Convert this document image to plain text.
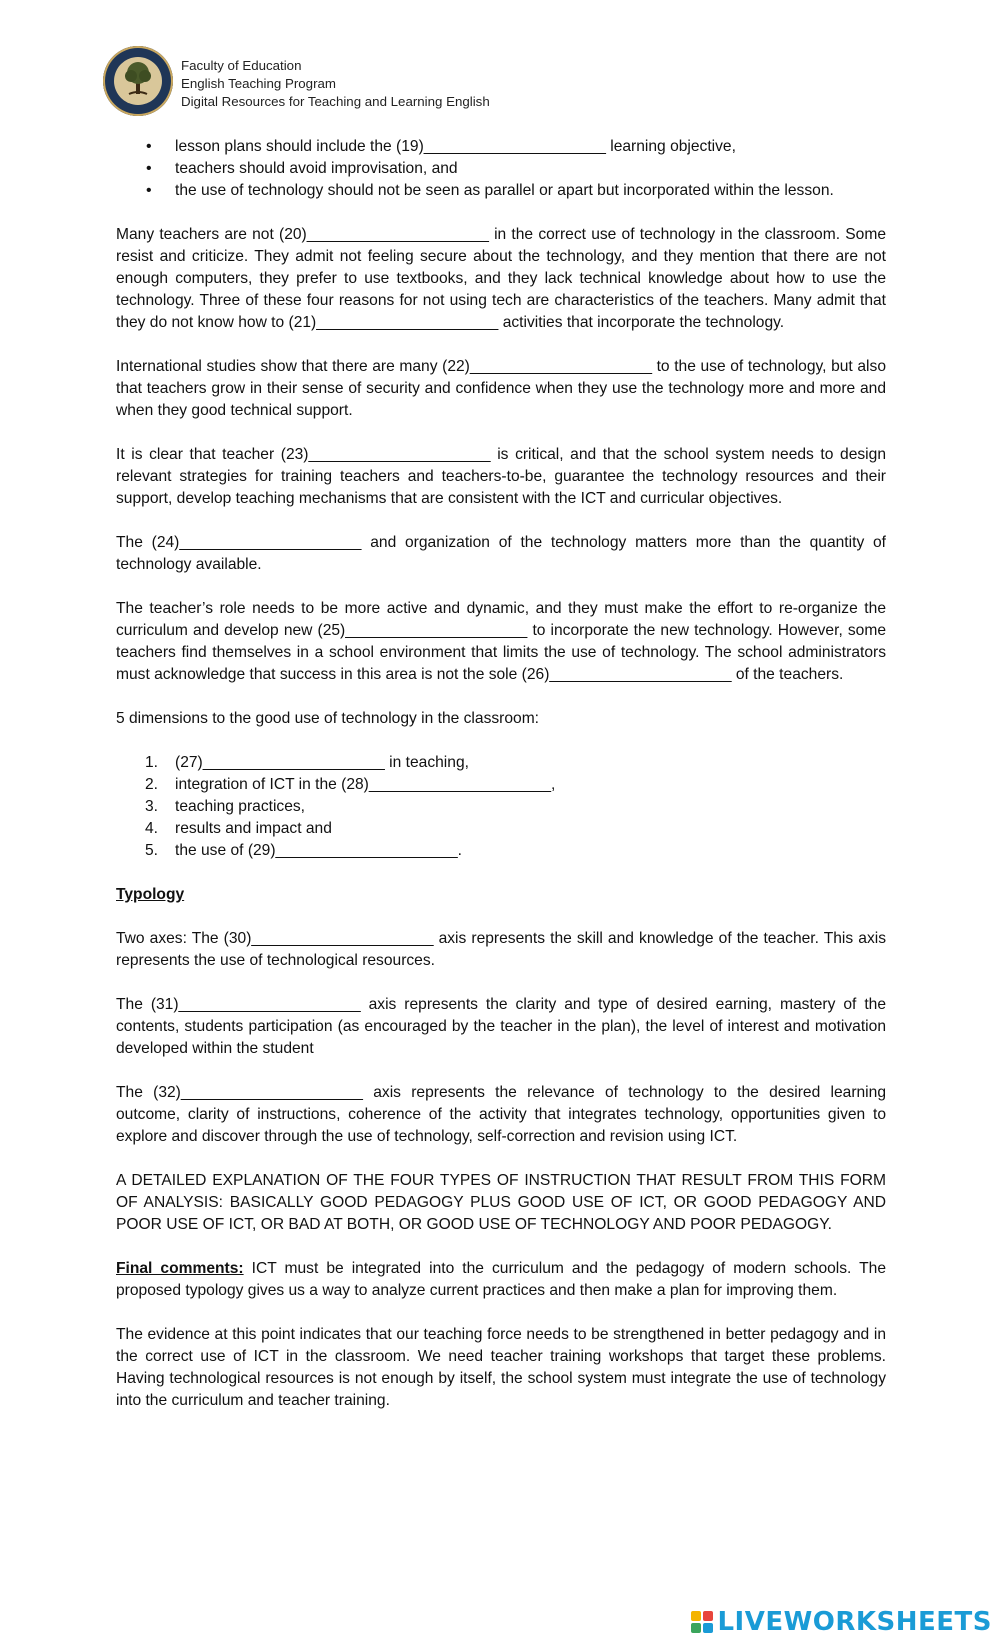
Faculty of Education
English Teaching Program
Digital Resources for Teaching and Learning English
• lesson plans should include the (19)_____________________ learning objective,
• teachers should avoid improvisation, and
• the use of technology should not be seen as parallel or apart but incorporated within the lesson.

Many teachers are not (20)_____________________ in the correct use of technology in the classroom. Some resist and criticize. They admit not feeling secure about the technology, and they mention that there are not enough computers, they prefer to use textbooks, and they lack technical knowledge about how to use the technology. Three of these four reasons for not using tech are characteristics of the teachers. Many admit that they do not know how to (21)_____________________ activities that incorporate the technology.

International studies show that there are many (22)_____________________ to the use of technology, but also that teachers grow in their sense of security and confidence when they use the technology more and more and when they good technical support.

It is clear that teacher (23)_____________________ is critical, and that the school system needs to design relevant strategies for training teachers and teachers-to-be, guarantee the technology resources and their support, develop teaching mechanisms that are consistent with the ICT and curricular objectives.

The (24)_____________________ and organization of the technology matters more than the quantity of technology available.

The teacher’s role needs to be more active and dynamic, and they must make the effort to re-organize the curriculum and develop new (25)_____________________ to incorporate the new technology. However, some teachers find themselves in a school environment that limits the use of technology. The school administrators must acknowledge that success in this area is not the sole (26)_____________________ of the teachers.

5 dimensions to the good use of technology in the classroom:

1.	(27)_____________________ in teaching,
2.	integration of ICT in the (28)_____________________,
3.	teaching practices,
4.	results and impact and
5.	the use of (29)_____________________.

Typology

Two axes: The (30)_____________________ axis represents the skill and knowledge of the teacher. This axis represents the use of technological resources.

The (31)_____________________ axis represents the clarity and type of desired earning, mastery of the contents, students participation (as encouraged by the teacher in the plan), the level of interest and motivation developed within the student

The (32)_____________________ axis represents the relevance of technology to the desired learning outcome, clarity of instructions, coherence of the activity that integrates technology, opportunities given to explore and discover through the use of technology, self-correction and revision using ICT.

A DETAILED EXPLANATION OF THE FOUR TYPES OF INSTRUCTION THAT RESULT FROM THIS FORM OF ANALYSIS: BASICALLY GOOD PEDAGOGY PLUS GOOD USE OF ICT, OR GOOD PEDAGOGY AND POOR USE OF ICT, OR BAD AT BOTH, OR GOOD USE OF TECHNOLOGY AND POOR PEDAGOGY.

Final comments: ICT must be integrated into the curriculum and the pedagogy of modern schools. The proposed typology gives us a way to analyze current practices and then make a plan for improving them.

The evidence at this point indicates that our teaching force needs to be strengthened in better pedagogy and in the correct use of ICT in the classroom. We need teacher training workshops that target these problems. Having technological resources is not enough by itself, the school system must integrate the use of technology into the curriculum and teacher training.

LIVEWORKSHEETS
